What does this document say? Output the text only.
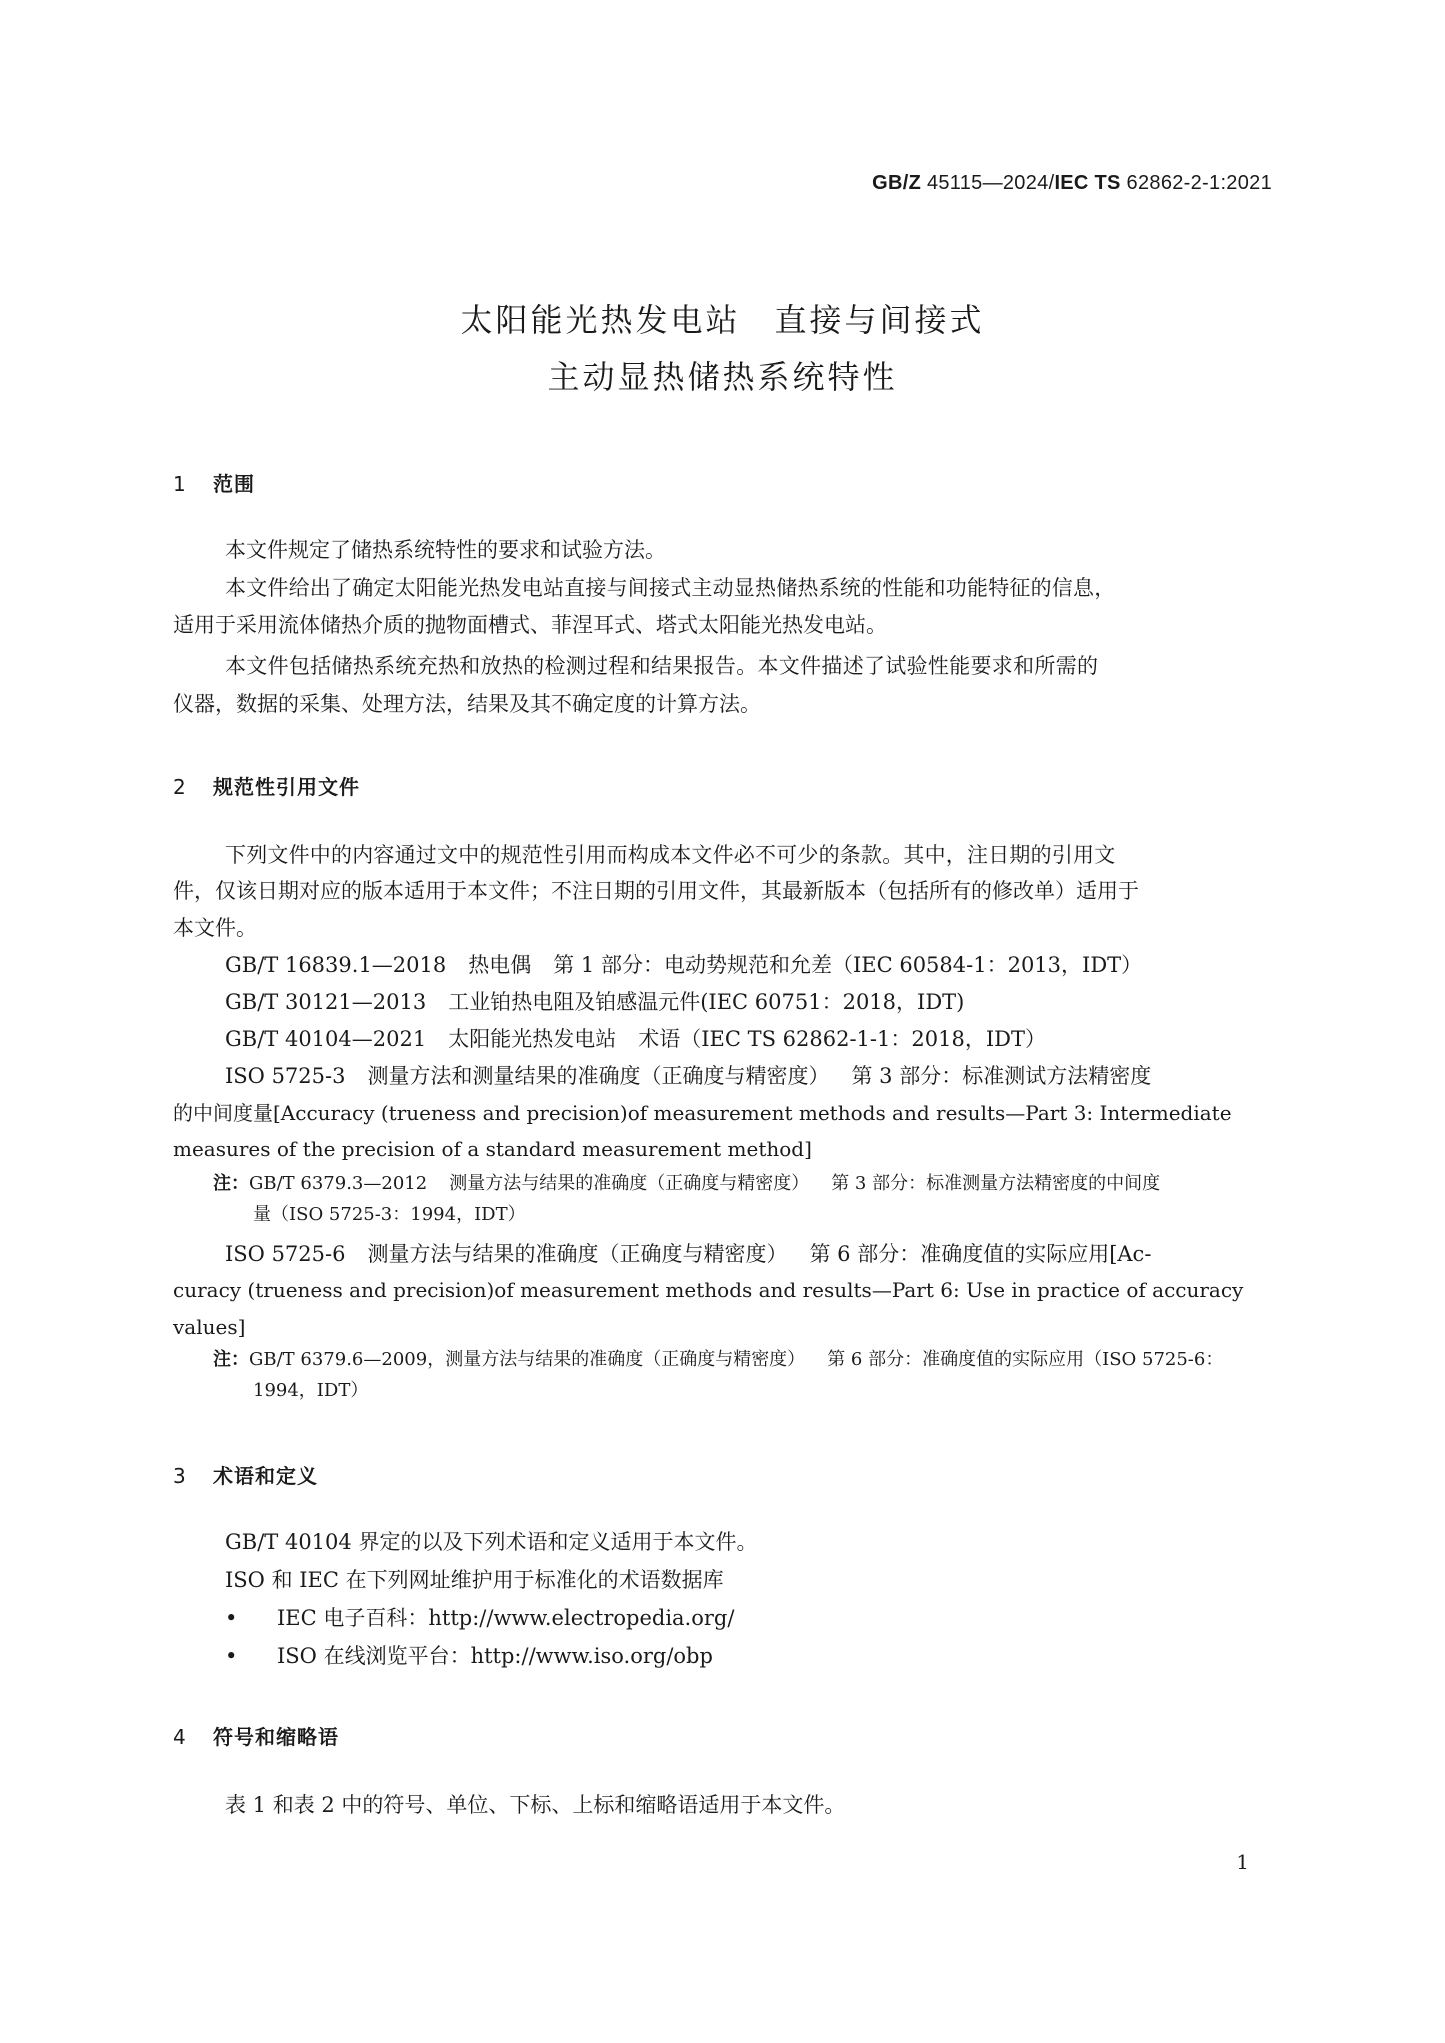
GB/Z 45115—2024/IEC TS 62862-2-1:2021
太阳能光热发电站 直接与间接式
主动显热储热系统特性
1 范围
本文件规定了储热系统特性的要求和试验方法。
本文件给出了确定太阳能光热发电站直接与间接式主动显热储热系统的性能和功能特征的信息，
适用于采用流体储热介质的抛物面槽式、菲涅耳式、塔式太阳能光热发电站。
本文件包括储热系统充热和放热的检测过程和结果报告。本文件描述了试验性能要求和所需的
仪器，数据的采集、处理方法，结果及其不确定度的计算方法。
2 规范性引用文件
下列文件中的内容通过文中的规范性引用而构成本文件必不可少的条款。其中，注日期的引用文
件，仅该日期对应的版本适用于本文件；不注日期的引用文件，其最新版本（包括所有的修改单）适用于
本文件。
GB/T 16839.1—2018 热电偶 第 1 部分：电动势规范和允差（IEC 60584-1：2013，IDT）
GB/T 30121—2013 工业铂热电阻及铂感温元件(IEC 60751：2018，IDT)
GB/T 40104—2021 太阳能光热发电站 术语（IEC TS 62862-1-1：2018，IDT）
ISO 5725-3 测量方法和测量结果的准确度（正确度与精密度） 第 3 部分：标准测试方法精密度
的中间度量[Accuracy (trueness and precision)of measurement methods and results—Part 3: Intermediate
measures of the precision of a standard measurement method]
注：GB/T 6379.3—2012 测量方法与结果的准确度（正确度与精密度） 第 3 部分：标准测量方法精密度的中间度
量（ISO 5725-3：1994，IDT）
ISO 5725-6 测量方法与结果的准确度（正确度与精密度） 第 6 部分：准确度值的实际应用[Ac-
curacy (trueness and precision)of measurement methods and results—Part 6: Use in practice of accuracy
values]
注：GB/T 6379.6—2009，测量方法与结果的准确度（正确度与精密度） 第 6 部分：准确度值的实际应用（ISO 5725-6：
1994，IDT）
3 术语和定义
GB/T 40104 界定的以及下列术语和定义适用于本文件。
ISO 和 IEC 在下列网址维护用于标准化的术语数据库
• IEC 电子百科：http://www.electropedia.org/
• ISO 在线浏览平台：http://www.iso.org/obp
4 符号和缩略语
表 1 和表 2 中的符号、单位、下标、上标和缩略语适用于本文件。
1
